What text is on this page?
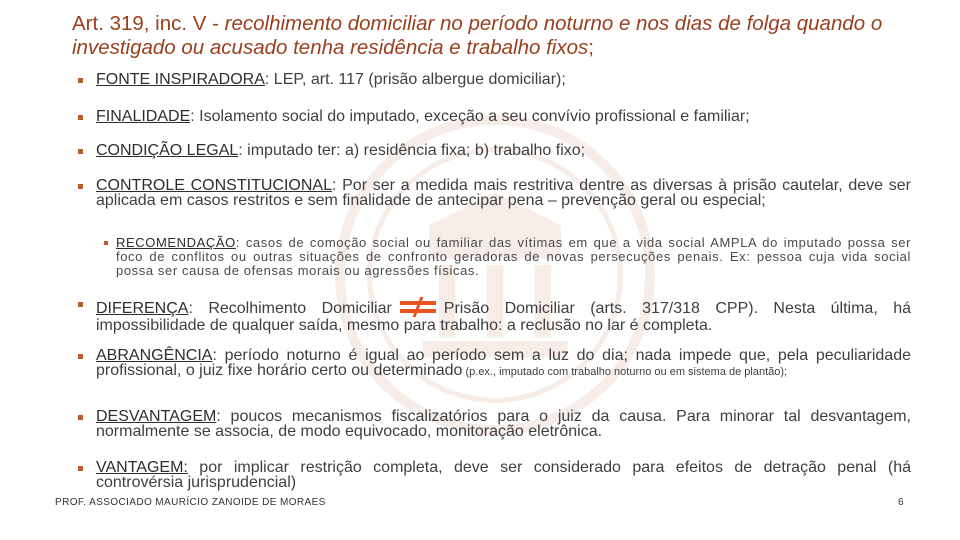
Art. 319, inc. V - recolhimento domiciliar no período noturno e nos dias de folga quando o investigado ou acusado tenha residência e trabalho fixos;
FONTE INSPIRADORA: LEP, art. 117 (prisão albergue domiciliar);
FINALIDADE: Isolamento social do imputado, exceção a seu convívio profissional e familiar;
CONDIÇÃO LEGAL: imputado ter: a) residência fixa; b) trabalho fixo;
CONTROLE CONSTITUCIONAL: Por ser a medida mais restritiva dentre as diversas à prisão cautelar, deve ser aplicada em casos restritos e sem finalidade de antecipar pena – prevenção geral ou especial;
RECOMENDAÇÃO: casos de comoção social ou familiar das vítimas em que a vida social AMPLA do imputado possa ser foco de conflitos ou outras situações de confronto geradoras de novas persecuções penais. Ex: pessoa cuja vida social possa ser causa de ofensas morais ou agressões físicas.
DIFERENÇA: Recolhimento Domiciliar	Prisão Domiciliar (arts. 317/318 CPP). Nesta última, há impossibilidade de qualquer saída, mesmo para trabalho: a reclusão no lar é completa.
ABRANGÊNCIA: período noturno é igual ao período sem a luz do dia; nada impede que, pela peculiaridade profissional, o juiz fixe horário certo ou determinado (p.ex., imputado com trabalho noturno ou em sistema de plantão);
DESVANTAGEM: poucos mecanismos fiscalizatórios para o juiz da causa. Para minorar tal desvantagem, normalmente se associa, de modo equivocado, monitoração eletrônica.
VANTAGEM: por implicar restrição completa, deve ser considerado para efeitos de detração penal (há controvérsia jurisprudencial)
PROF. ASSOCIADO MAURÍCIO ZANOIDE DE MORAES	6
